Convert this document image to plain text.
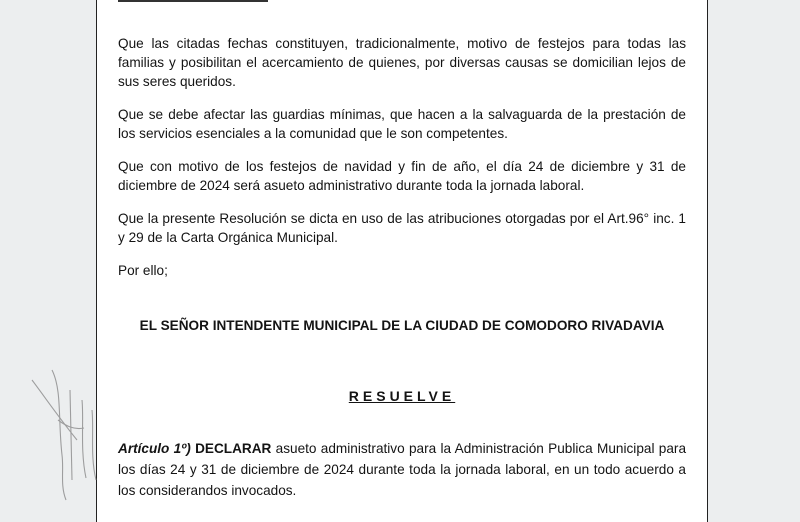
Que las citadas fechas constituyen, tradicionalmente, motivo de festejos para todas las familias y posibilitan el acercamiento de quienes, por diversas causas se domicilian lejos de sus seres queridos.

Que se debe afectar las guardias mínimas, que hacen a la salvaguarda de la prestación de los servicios esenciales a la comunidad que le son competentes.

Que con motivo de los festejos de navidad y fin de año, el día 24 de diciembre y 31 de diciembre de 2024 será asueto administrativo durante toda la jornada laboral.

Que la presente Resolución se dicta en uso de las atribuciones otorgadas por el Art.96° inc. 1 y 29 de la Carta Orgánica Municipal.

Por ello;

EL SEÑOR INTENDENTE MUNICIPAL DE LA CIUDAD DE COMODORO RIVADAVIA
RESUELVE
Artículo 1º) DECLARAR asueto administrativo para la Administración Publica Municipal para los días 24 y 31 de diciembre de 2024 durante toda la jornada laboral, en un todo acuerdo a los considerandos invocados.
